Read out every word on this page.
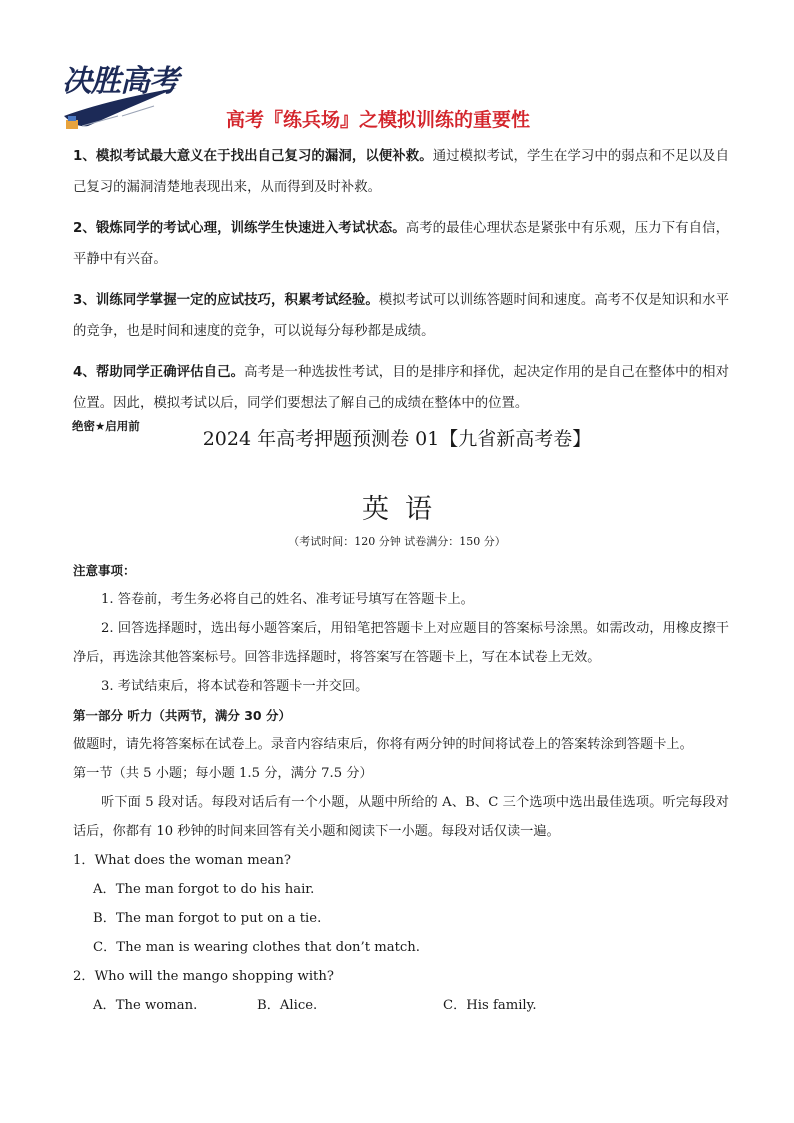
决胜高考
高考『练兵场』之模拟训练的重要性

1、模拟考试最大意义在于找出自己复习的漏洞，以便补救。通过模拟考试，学生在学习中的弱点和不足以及自己复习的漏洞清楚地表现出来，从而得到及时补救。

2、锻炼同学的考试心理，训练学生快速进入考试状态。高考的最佳心理状态是紧张中有乐观，压力下有自信，平静中有兴奋。

3、训练同学掌握一定的应试技巧，积累考试经验。模拟考试可以训练答题时间和速度。高考不仅是知识和水平的竞争，也是时间和速度的竞争，可以说每分每秒都是成绩。

4、帮助同学正确评估自己。高考是一种选拔性考试，目的是排序和择优，起决定作用的是自己在整体中的相对位置。因此，模拟考试以后，同学们要想法了解自己的成绩在整体中的位置。

绝密★启用前
2024 年高考押题预测卷 01【九省新高考卷】
英语
（考试时间：120 分钟 试卷满分：150 分）
注意事项：
1. 答卷前，考生务必将自己的姓名、准考证号填写在答题卡上。
2. 回答选择题时，选出每小题答案后，用铅笔把答题卡上对应题目的答案标号涂黑。如需改动，用橡皮擦干净后，再选涂其他答案标号。回答非选择题时，将答案写在答题卡上，写在本试卷上无效。
3. 考试结束后，将本试卷和答题卡一并交回。
第一部分 听力（共两节，满分 30 分）
做题时，请先将答案标在试卷上。录音内容结束后，你将有两分钟的时间将试卷上的答案转涂到答题卡上。
第一节（共 5 小题；每小题 1.5 分，满分 7.5 分）
听下面 5 段对话。每段对话后有一个小题，从题中所给的 A、B、C 三个选项中选出最佳选项。听完每段对话后，你都有 10 秒钟的时间来回答有关小题和阅读下一小题。每段对话仅读一遍。
1．What does the woman mean?
A．The man forgot to do his hair.
B．The man forgot to put on a tie.
C．The man is wearing clothes that don’t match.
2．Who will the mango shopping with?
A．The woman.	B．Alice.	C．His family.
